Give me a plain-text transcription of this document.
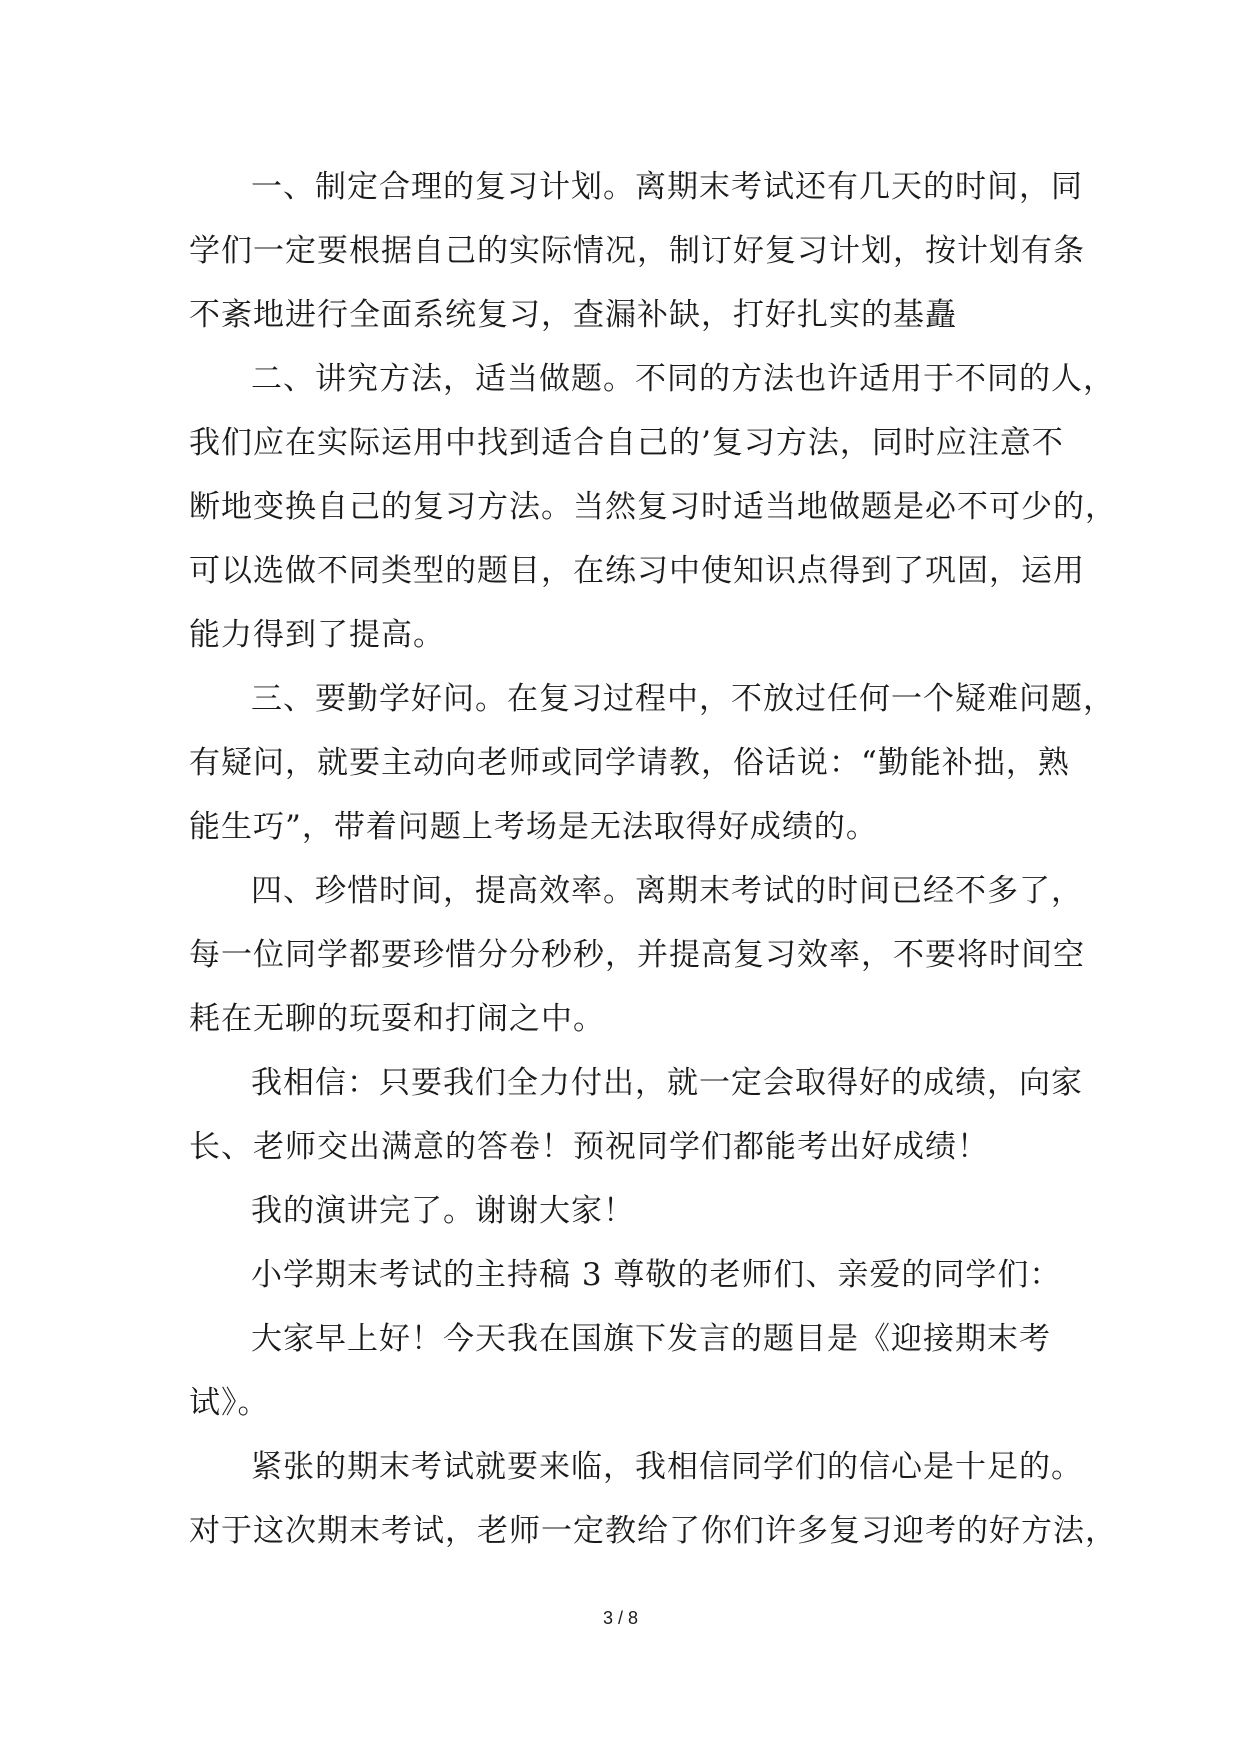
一、制定合理的复习计划。离期末考试还有几天的时间，同
学们一定要根据自己的实际情况，制订好复习计划，按计划有条
不紊地进行全面系统复习，查漏补缺，打好扎实的基矗
二、讲究方法，适当做题。不同的方法也许适用于不同的人，
我们应在实际运用中找到适合自己的’复习方法，同时应注意不
断地变换自己的复习方法。当然复习时适当地做题是必不可少的，
可以选做不同类型的题目，在练习中使知识点得到了巩固，运用
能力得到了提高。
三、要勤学好问。在复习过程中，不放过任何一个疑难问题，
有疑问，就要主动向老师或同学请教，俗话说：“勤能补拙，熟
能生巧”，带着问题上考场是无法取得好成绩的。
四、珍惜时间，提高效率。离期末考试的时间已经不多了，
每一位同学都要珍惜分分秒秒，并提高复习效率，不要将时间空
耗在无聊的玩耍和打闹之中。
我相信：只要我们全力付出，就一定会取得好的成绩，向家
长、老师交出满意的答卷！预祝同学们都能考出好成绩！
我的演讲完了。谢谢大家！
小学期末考试的主持稿 3 尊敬的老师们、亲爱的同学们：
大家早上好！今天我在国旗下发言的题目是《迎接期末考
试》。
紧张的期末考试就要来临，我相信同学们的信心是十足的。
对于这次期末考试，老师一定教给了你们许多复习迎考的好方法，
3 / 8
